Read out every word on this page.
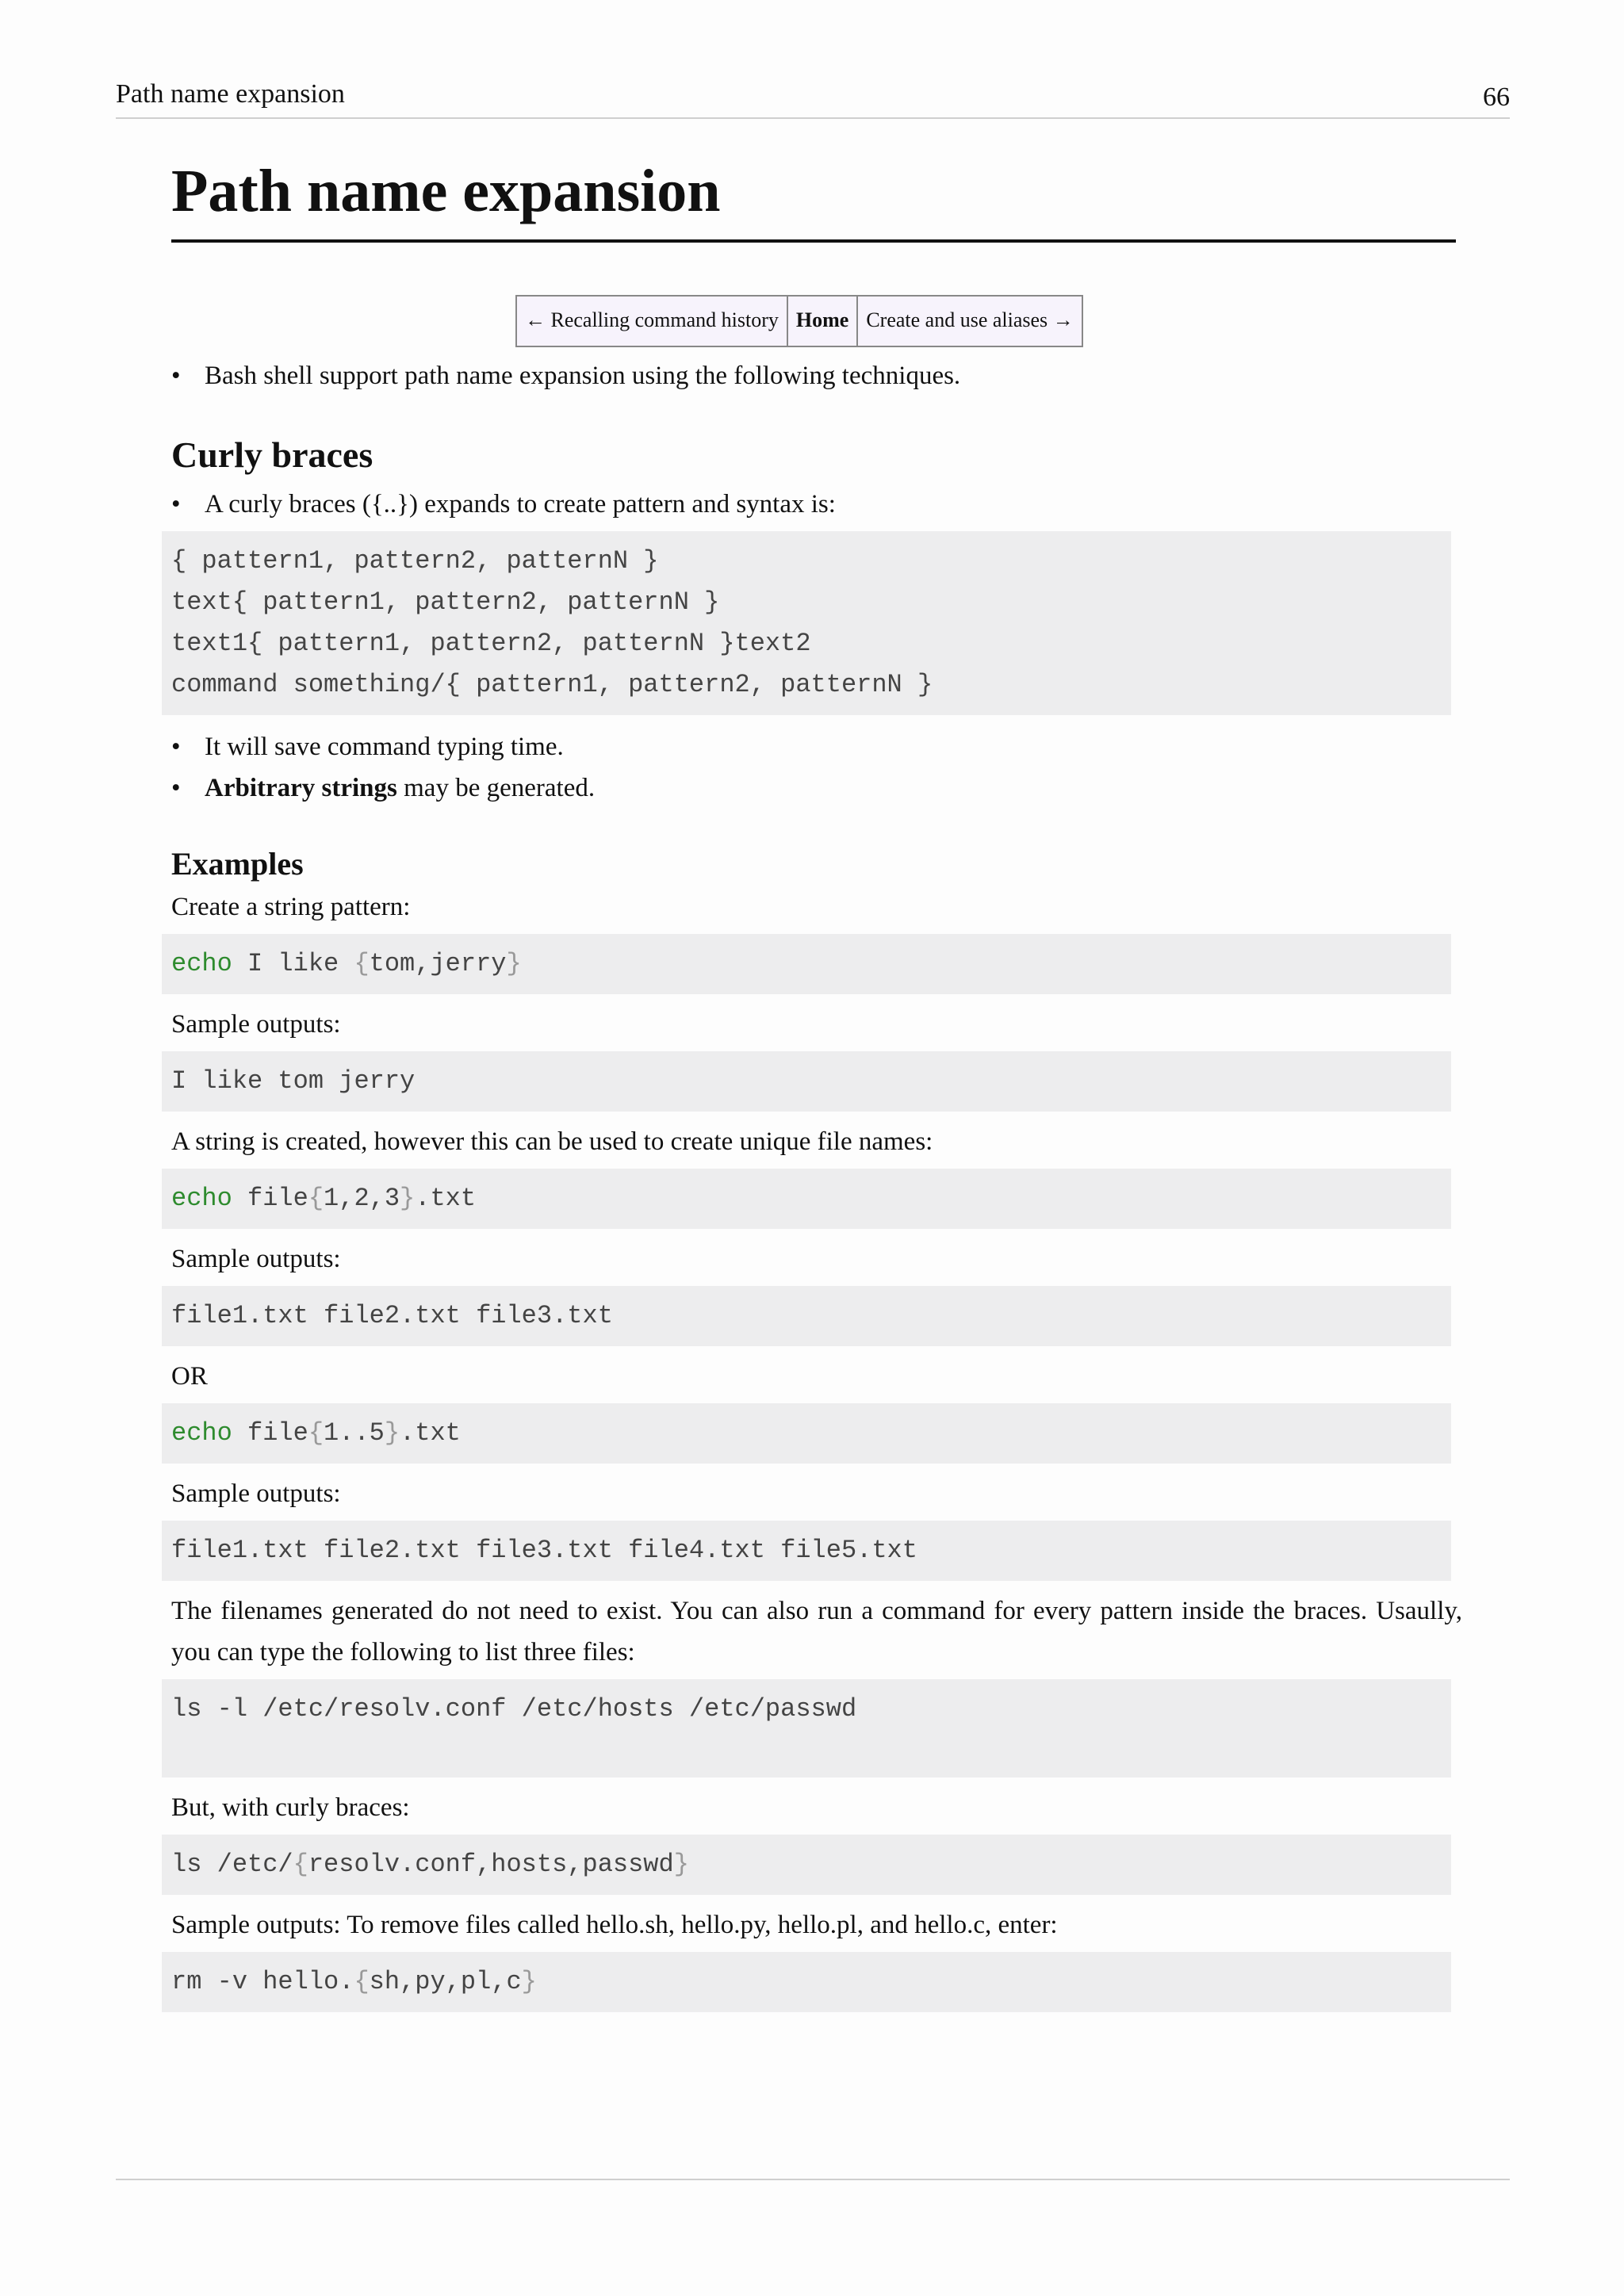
Path name expansion	66
Path name expansion
← Recalling command history Home Create and use aliases →
• Bash shell support path name expansion using the following techniques.
Curly braces
• A curly braces ({..}) expands to create pattern and syntax is:
{ pattern1, pattern2, patternN }
text{ pattern1, pattern2, patternN }
text1{ pattern1, pattern2, patternN }text2
command something/{ pattern1, pattern2, patternN }
• It will save command typing time.
• Arbitrary strings may be generated.
Examples

Create a string pattern:

echo I like {tom,jerry}

Sample outputs:

I like tom jerry

A string is created, however this can be used to create unique file names:

echo file{1,2,3}.txt

Sample outputs:

file1.txt file2.txt file3.txt

OR

echo file{1..5}.txt

Sample outputs:

file1.txt file2.txt file3.txt file4.txt file5.txt

The filenames generated do not need to exist. You can also run a command for every pattern inside the braces. Usaully, you can type the following to list three files:

ls -l /etc/resolv.conf /etc/hosts /etc/passwd

But, with curly braces:

ls /etc/{resolv.conf,hosts,passwd}

Sample outputs: To remove files called hello.sh, hello.py, hello.pl, and hello.c, enter:

rm -v hello.{sh,py,pl,c}
